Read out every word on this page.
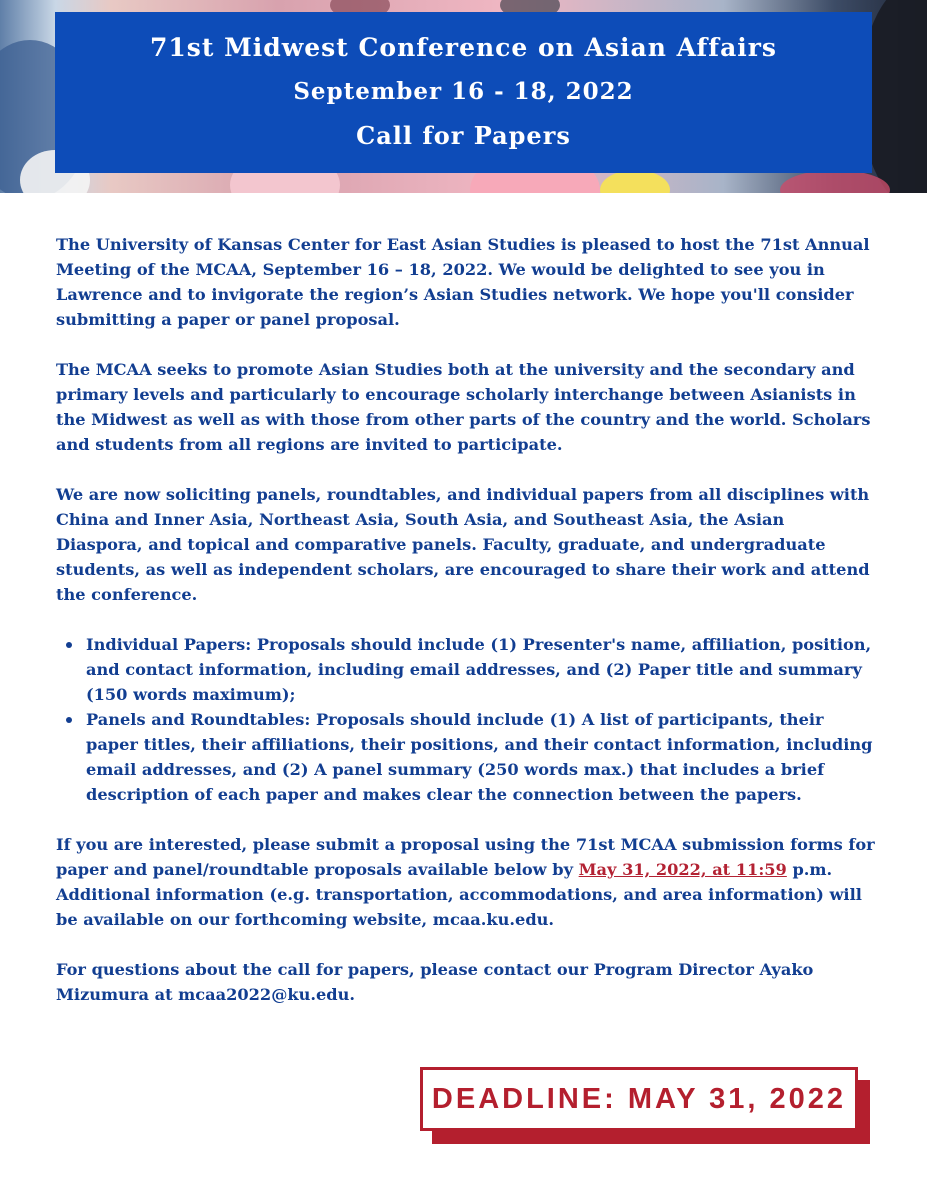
71st Midwest Conference on Asian Affairs
September 16 - 18, 2022
Call for Papers

The University of Kansas Center for East Asian Studies is pleased to host the 71st Annual Meeting of the MCAA, September 16 – 18, 2022. We would be delighted to see you in Lawrence and to invigorate the region’s Asian Studies network. We hope you'll consider submitting a paper or panel proposal.

The MCAA seeks to promote Asian Studies both at the university and the secondary and primary levels and particularly to encourage scholarly interchange between Asianists in the Midwest as well as with those from other parts of the country and the world. Scholars and students from all regions are invited to participate.

We are now soliciting panels, roundtables, and individual papers from all disciplines with China and Inner Asia, Northeast Asia, South Asia, and Southeast Asia, the Asian Diaspora, and topical and comparative panels. Faculty, graduate, and undergraduate students, as well as independent scholars, are encouraged to share their work and attend the conference.

Individual Papers: Proposals should include (1) Presenter's name, affiliation, position, and contact information, including email addresses, and (2) Paper title and summary (150 words maximum);
Panels and Roundtables: Proposals should include (1) A list of participants, their paper titles, their affiliations, their positions, and their contact information, including email addresses, and (2) A panel summary (250 words max.) that includes a brief description of each paper and makes clear the connection between the papers.

If you are interested, please submit a proposal using the 71st MCAA submission forms for paper and panel/roundtable proposals available below by May 31, 2022, at 11:59 p.m. Additional information (e.g. transportation, accommodations, and area information) will be available on our forthcoming website, mcaa.ku.edu.

For questions about the call for papers, please contact our Program Director Ayako Mizumura at mcaa2022@ku.edu.

DEADLINE: MAY 31, 2022
